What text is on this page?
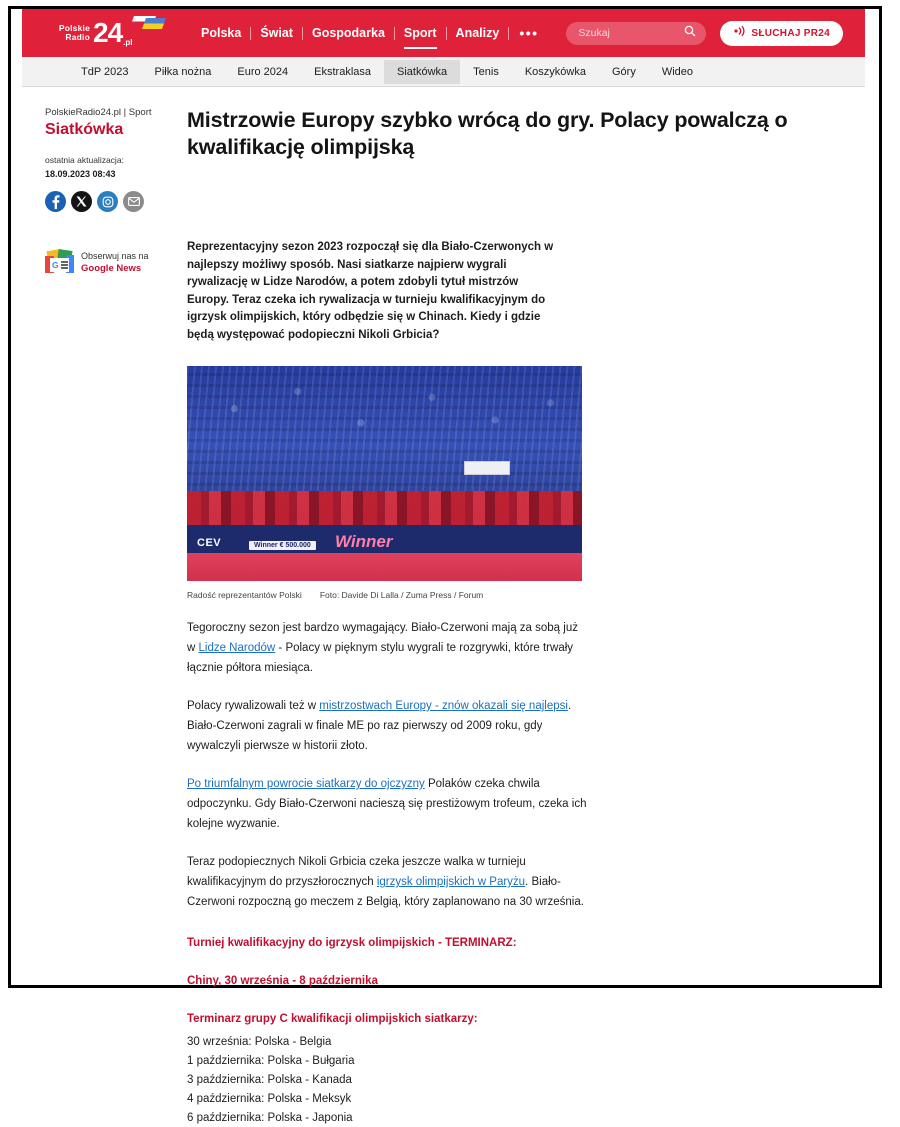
Polskie
Radio 24 .pl
Polska	Świat	Gospodarka	Sport	Analizy	•••
Szukaj	SŁUCHAJ PR24
TdP 2023	Piłka nożna	Euro 2024	Ekstraklasa	Siatkówka	Tenis	Koszykówka	Góry	Wideo
PolskieRadio24.pl | Sport
Siatkówka
ostatnia aktualizacja:
18.09.2023 08:43
G
Obserwuj nas na
Google News
Mistrzowie Europy szybko wrócą do gry. Polacy powalczą o kwalifikację olimpijską

Reprezentacyjny sezon 2023 rozpoczął się dla Biało-Czerwonych w najlepszy możliwy sposób. Nasi siatkarze najpierw wygrali rywalizację w Lidze Narodów, a potem zdobyli tytuł mistrzów Europy. Teraz czeka ich rywalizacja w turnieju kwalifikacyjnym do igrzysk olimpijskich, który odbędzie się w Chinach. Kiedy i gdzie będą występować podopieczni Nikoli Grbicia?

CEV	Winner € 500.000 Winner
Radość reprezentantów Polski Foto: Davide Di Lalla / Zuma Press / Forum

Tegoroczny sezon jest bardzo wymagający. Biało-Czerwoni mają za sobą już w Lidze Narodów - Polacy w pięknym stylu wygrali te rozgrywki, które trwały łącznie półtora miesiąca.

Polacy rywalizowali też w mistrzostwach Europy - znów okazali się najlepsi. Biało-Czerwoni zagrali w finale ME po raz pierwszy od 2009 roku, gdy wywalczyli pierwsze w historii złoto.

Po triumfalnym powrocie siatkarzy do ojczyzny Polaków czeka chwila odpoczynku. Gdy Biało-Czerwoni nacieszą się prestiżowym trofeum, czeka ich kolejne wyzwanie.

Teraz podopiecznych Nikoli Grbicia czeka jeszcze walka w turnieju kwalifikacyjnym do przyszłorocznych igrzysk olimpijskich w Paryżu. Biało-Czerwoni rozpoczną go meczem z Belgią, który zaplanowano na 30 września.

Turniej kwalifikacyjny do igrzysk olimpijskich - TERMINARZ:

Chiny, 30 września - 8 października

Terminarz grupy C kwalifikacji olimpijskich siatkarzy:

30 września: Polska - Belgia
1 października: Polska - Bułgaria
3 października: Polska - Kanada
4 października: Polska - Meksyk
6 października: Polska - Japonia
